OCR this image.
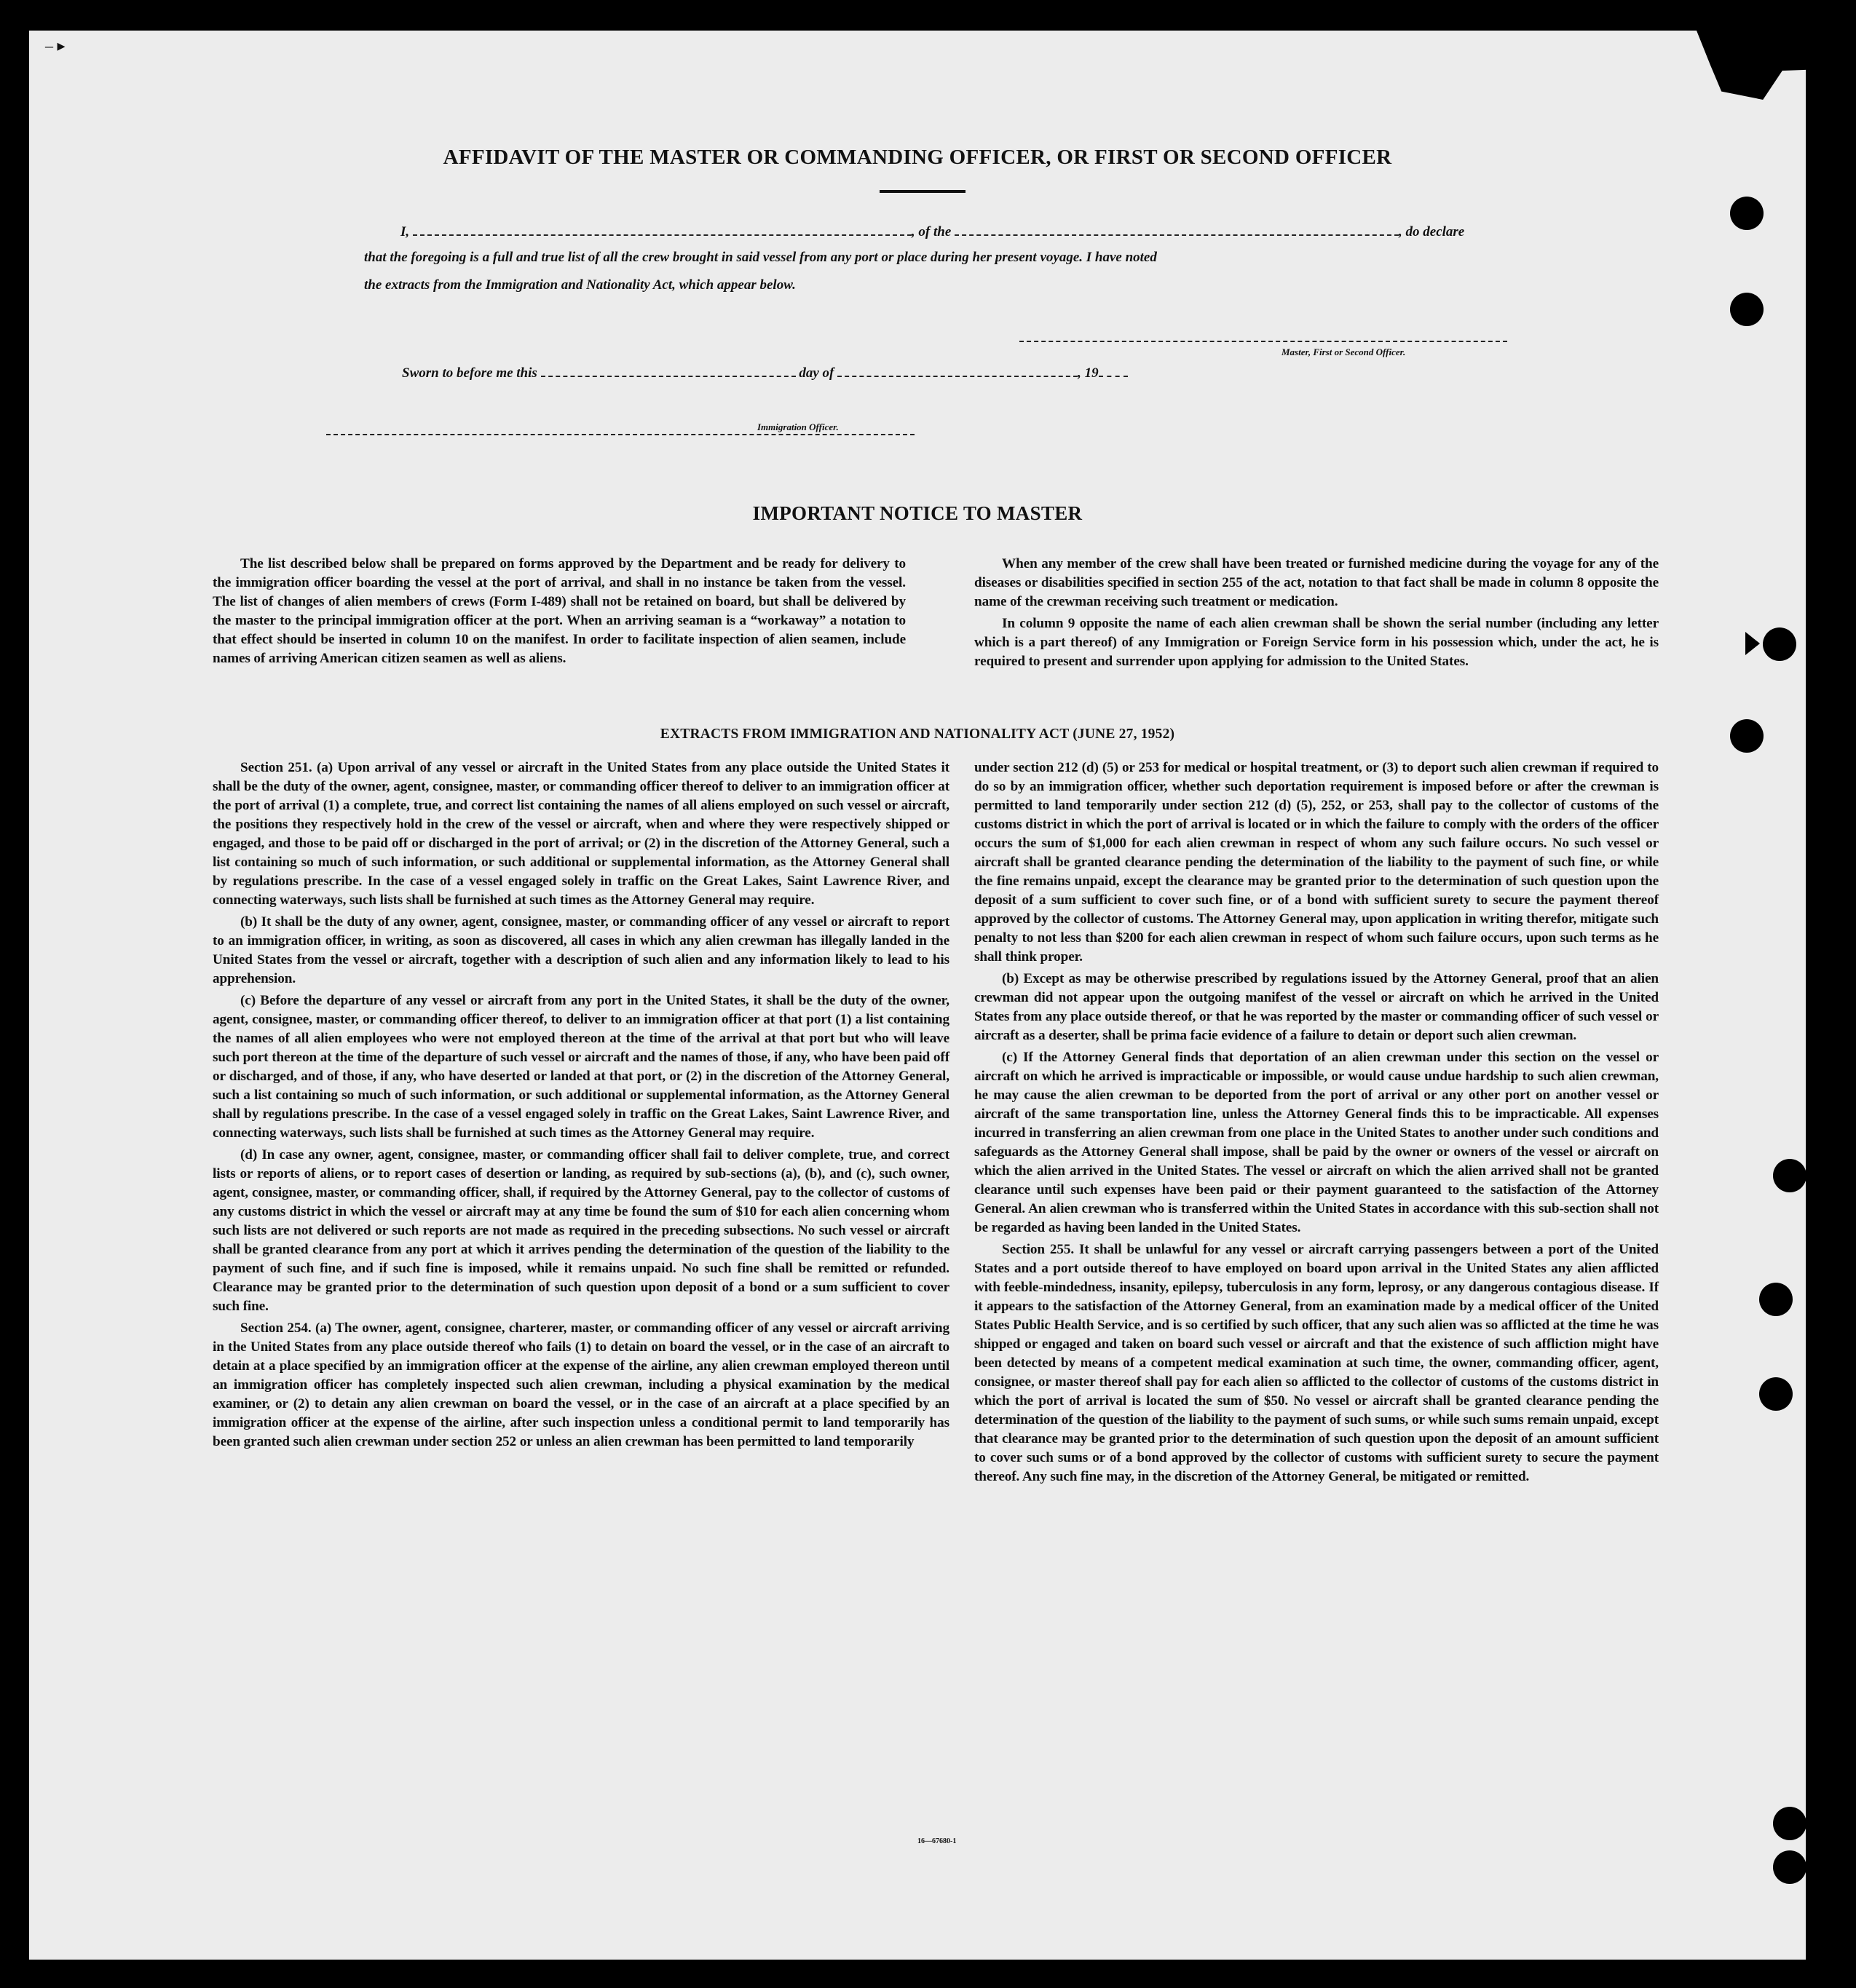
‒ ▸
AFFIDAVIT OF THE MASTER OR COMMANDING OFFICER, OR FIRST OR SECOND OFFICER
I,	, of the	, do declare
that the foregoing is a full and true list of all the crew brought in said vessel from any port or place during her present voyage. I have noted
the extracts from the Immigration and Nationality Act, which appear below.
Master, First or Second Officer.
Sworn to before me this	day of	, 19
Immigration Officer.
IMPORTANT NOTICE TO MASTER

The list described below shall be prepared on forms approved by the Department and be ready for delivery to the immigration officer boarding the vessel at the port of arrival, and shall in no instance be taken from the vessel. The list of changes of alien members of crews (Form I-489) shall not be retained on board, but shall be delivered by the master to the principal immigration officer at the port. When an arriving seaman is a “workaway” a notation to that effect should be inserted in column 10 on the manifest. In order to facilitate inspection of alien seamen, include names of arriving American citizen seamen as well as aliens.

When any member of the crew shall have been treated or furnished medicine during the voyage for any of the diseases or disabilities specified in section 255 of the act, notation to that fact shall be made in column 8 opposite the name of the crewman receiving such treatment or medication.

In column 9 opposite the name of each alien crewman shall be shown the serial number (including any letter which is a part thereof) of any Immigration or Foreign Service form in his possession which, under the act, he is required to present and surrender upon applying for admission to the United States.

EXTRACTS FROM IMMIGRATION AND NATIONALITY ACT (JUNE 27, 1952)

Section 251. (a) Upon arrival of any vessel or aircraft in the United States from any place outside the United States it shall be the duty of the owner, agent, consignee, master, or commanding officer thereof to deliver to an immigration officer at the port of arrival (1) a complete, true, and correct list containing the names of all aliens employed on such vessel or aircraft, the positions they respectively hold in the crew of the vessel or aircraft, when and where they were respectively shipped or engaged, and those to be paid off or discharged in the port of arrival; or (2) in the discretion of the Attorney General, such a list containing so much of such information, or such additional or supplemental information, as the Attorney General shall by regulations prescribe. In the case of a vessel engaged solely in traffic on the Great Lakes, Saint Lawrence River, and connecting waterways, such lists shall be furnished at such times as the Attorney General may require.

(b) It shall be the duty of any owner, agent, consignee, master, or commanding officer of any vessel or aircraft to report to an immigration officer, in writing, as soon as discovered, all cases in which any alien crewman has illegally landed in the United States from the vessel or aircraft, together with a description of such alien and any information likely to lead to his apprehension.

(c) Before the departure of any vessel or aircraft from any port in the United States, it shall be the duty of the owner, agent, consignee, master, or commanding officer thereof, to deliver to an immigration officer at that port (1) a list containing the names of all alien employees who were not employed thereon at the time of the arrival at that port but who will leave such port thereon at the time of the departure of such vessel or aircraft and the names of those, if any, who have been paid off or discharged, and of those, if any, who have deserted or landed at that port, or (2) in the discretion of the Attorney General, such a list containing so much of such information, or such additional or supplemental information, as the Attorney General shall by regulations prescribe. In the case of a vessel engaged solely in traffic on the Great Lakes, Saint Lawrence River, and connecting waterways, such lists shall be furnished at such times as the Attorney General may require.

(d) In case any owner, agent, consignee, master, or commanding officer shall fail to deliver complete, true, and correct lists or reports of aliens, or to report cases of desertion or landing, as required by sub-sections (a), (b), and (c), such owner, agent, consignee, master, or commanding officer, shall, if required by the Attorney General, pay to the collector of customs of any customs district in which the vessel or aircraft may at any time be found the sum of $10 for each alien concerning whom such lists are not delivered or such reports are not made as required in the preceding subsections. No such vessel or aircraft shall be granted clearance from any port at which it arrives pending the determination of the question of the liability to the payment of such fine, and if such fine is imposed, while it remains unpaid. No such fine shall be remitted or refunded. Clearance may be granted prior to the determination of such question upon deposit of a bond or a sum sufficient to cover such fine.

Section 254. (a) The owner, agent, consignee, charterer, master, or commanding officer of any vessel or aircraft arriving in the United States from any place outside thereof who fails (1) to detain on board the vessel, or in the case of an aircraft to detain at a place specified by an immigration officer at the expense of the airline, any alien crewman employed thereon until an immigration officer has completely inspected such alien crewman, including a physical examination by the medical examiner, or (2) to detain any alien crewman on board the vessel, or in the case of an aircraft at a place specified by an immigration officer at the expense of the airline, after such inspection unless a conditional permit to land temporarily has been granted such alien crewman under section 252 or unless an alien crewman has been permitted to land temporarily

under section 212 (d) (5) or 253 for medical or hospital treatment, or (3) to deport such alien crewman if required to do so by an immigration officer, whether such deportation requirement is imposed before or after the crewman is permitted to land temporarily under section 212 (d) (5), 252, or 253, shall pay to the collector of customs of the customs district in which the port of arrival is located or in which the failure to comply with the orders of the officer occurs the sum of $1,000 for each alien crewman in respect of whom any such failure occurs. No such vessel or aircraft shall be granted clearance pending the determination of the liability to the payment of such fine, or while the fine remains unpaid, except the clearance may be granted prior to the determination of such question upon the deposit of a sum sufficient to cover such fine, or of a bond with sufficient surety to secure the payment thereof approved by the collector of customs. The Attorney General may, upon application in writing therefor, mitigate such penalty to not less than $200 for each alien crewman in respect of whom such failure occurs, upon such terms as he shall think proper.

(b) Except as may be otherwise prescribed by regulations issued by the Attorney General, proof that an alien crewman did not appear upon the outgoing manifest of the vessel or aircraft on which he arrived in the United States from any place outside thereof, or that he was reported by the master or commanding officer of such vessel or aircraft as a deserter, shall be prima facie evidence of a failure to detain or deport such alien crewman.

(c) If the Attorney General finds that deportation of an alien crewman under this section on the vessel or aircraft on which he arrived is impracticable or impossible, or would cause undue hardship to such alien crewman, he may cause the alien crewman to be deported from the port of arrival or any other port on another vessel or aircraft of the same transportation line, unless the Attorney General finds this to be impracticable. All expenses incurred in transferring an alien crewman from one place in the United States to another under such conditions and safeguards as the Attorney General shall impose, shall be paid by the owner or owners of the vessel or aircraft on which the alien arrived in the United States. The vessel or aircraft on which the alien arrived shall not be granted clearance until such expenses have been paid or their payment guaranteed to the satisfaction of the Attorney General. An alien crewman who is transferred within the United States in accordance with this sub-section shall not be regarded as having been landed in the United States.

Section 255. It shall be unlawful for any vessel or aircraft carrying passengers between a port of the United States and a port outside thereof to have employed on board upon arrival in the United States any alien afflicted with feeble-mindedness, insanity, epilepsy, tuberculosis in any form, leprosy, or any dangerous contagious disease. If it appears to the satisfaction of the Attorney General, from an examination made by a medical officer of the United States Public Health Service, and is so certified by such officer, that any such alien was so afflicted at the time he was shipped or engaged and taken on board such vessel or aircraft and that the existence of such affliction might have been detected by means of a competent medical examination at such time, the owner, commanding officer, agent, consignee, or master thereof shall pay for each alien so afflicted to the collector of customs of the customs district in which the port of arrival is located the sum of $50. No vessel or aircraft shall be granted clearance pending the determination of the question of the liability to the payment of such sums, or while such sums remain unpaid, except that clearance may be granted prior to the determination of such question upon the deposit of an amount sufficient to cover such sums or of a bond approved by the collector of customs with sufficient surety to secure the payment thereof. Any such fine may, in the discretion of the Attorney General, be mitigated or remitted.

16—67680-1
